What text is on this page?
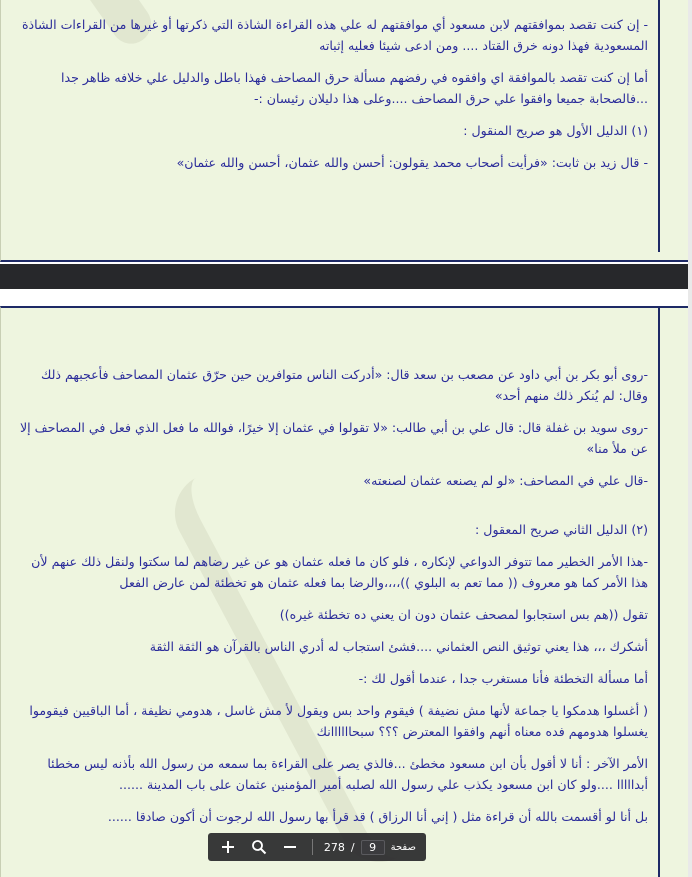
- إن كنت تقصد بموافقتهم لابن مسعود أي موافقتهم له علي هذه القراءة الشاذة التي ذكرتها أو غيرها من القراءات الشاذة المسعودية فهذا دونه خرق القتاد .... ومن ادعى شيئا فعليه إثباته

أما إن كنت تقصد بالموافقة اي وافقوه في رفضهم مسألة حرق المصاحف فهذا باطل والدليل علي خلافه ظاهر جدا ...فالصحابة جميعا وافقوا علي حرق المصاحف ....وعلى هذا دليلان رئيسان :-

(١) الدليل الأول هو صريح المنقول :

- قال زيد بن ثابت: «فرأيت أصحاب محمد يقولون: أحسن والله عثمان، أحسن والله عثمان»

-روى أبو بكر بن أبي داود عن مصعب بن سعد قال: «أدركت الناس متوافرين حين حرّق عثمان المصاحف فأعجبهم ذلك وقال: لم يُنكر ذلك منهم أحد»

-روى سويد بن غفلة قال: قال علي بن أبي طالب: «لا تقولوا في عثمان إلا خيرًا، فوالله ما فعل الذي فعل في المصاحف إلا عن ملأ منا»

-قال علي في المصاحف: «لو لم يصنعه عثمان لصنعته»

(٢) الدليل الثاني صريح المعقول :

-هذا الأمر الخطير مما تتوفر الدواعي لإنكاره ، فلو كان ما فعله عثمان هو عن غير رضاهم لما سكتوا ولنقل ذلك عنهم لأن هذا الأمر كما هو معروف (( مما تعم به البلوي ))،،،،والرضا بما فعله عثمان هو تخطئة لمن عارض الفعل

تقول ((هم بس استجابوا لمصحف عثمان دون ان يعني ده تخطئة غيره))

أشكرك ،،، هذا يعني توثيق النص العثماني ....فشئ استجاب له أدري الناس بالقرآن هو الثقة الثقة

أما مسألة التخطئة فأنا مستغرب جدا ، عندما أقول لك :-

( أغسلوا هدمكوا يا جماعة لأنها مش نضيفة ) فيقوم واحد بس ويقول لأ مش غاسل ، هدومي نظيفة ، أما الباقيين فيقوموا يغسلوا هدومهم فده معناه أنهم وافقوا المعترض ؟؟؟ سبحاااااانك

الأمر الآخر : أنا لا أقول بأن ابن مسعود مخطئ ...فالذي يصر على القراءة بما سمعه من رسول الله بأذنه ليس مخطئا أبدااااا ....ولو كان ابن مسعود يكذب علي رسول الله لصلبه أمير المؤمنين عثمان على باب المدينة ......

بل أنا لو أقسمت بالله أن قراءة مثل ( إني أنا الرزاق ) قد قرأ بها رسول الله لرجوت أن أكون صادقا ......

278 /	9	صفحة
